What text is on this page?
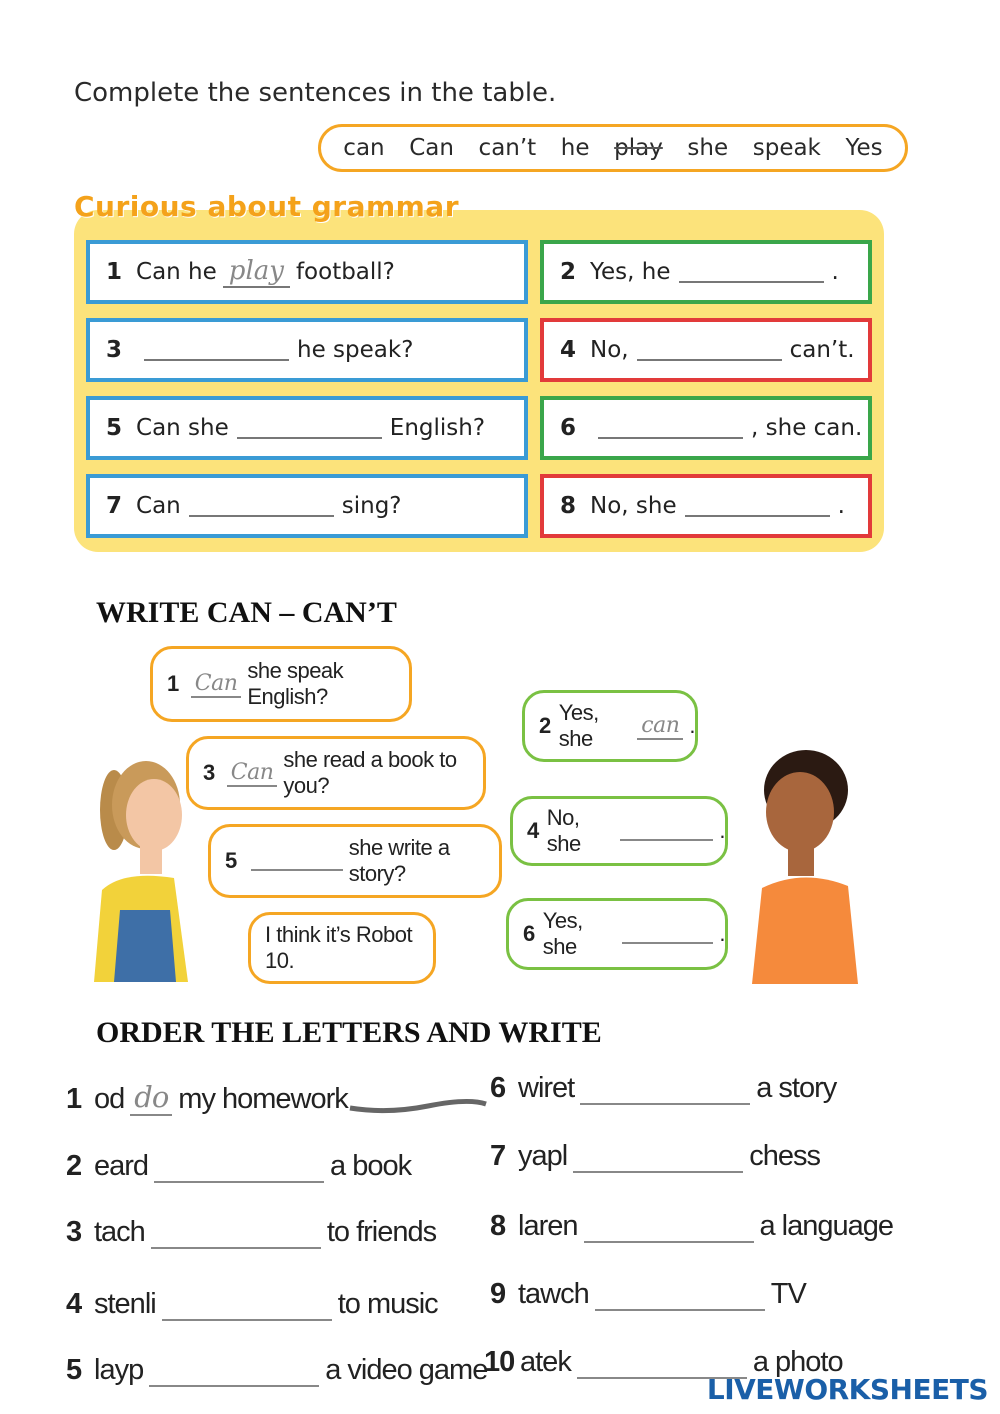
Complete the sentences in the table.
can Can can’t he play she speak Yes
1 Can he play football?	2 Yes, he	.
3	he speak?	4 No,	can’t.
5 Can she	English?	6	, she can.
7 Can	sing?	8 No, she	.
Curious about grammar
WRITE CAN – CAN’T
1 Can she speak English?
3 Can she read a book to you?
5
she write a story?
I think it’s Robot 10.
2
Yes, she
can .
4
No, she
.
6
Yes, she
.
ORDER THE LETTERS AND WRITE
1 od do my homework
2 eard	a book
3 tach	to friends
4 stenli	to music
5 layp	a video game
6 wiret	a story
7 yapl	chess
8 laren	a language
9 tawch	TV
10 atek	a photo
LIVEWORKSHEETS
